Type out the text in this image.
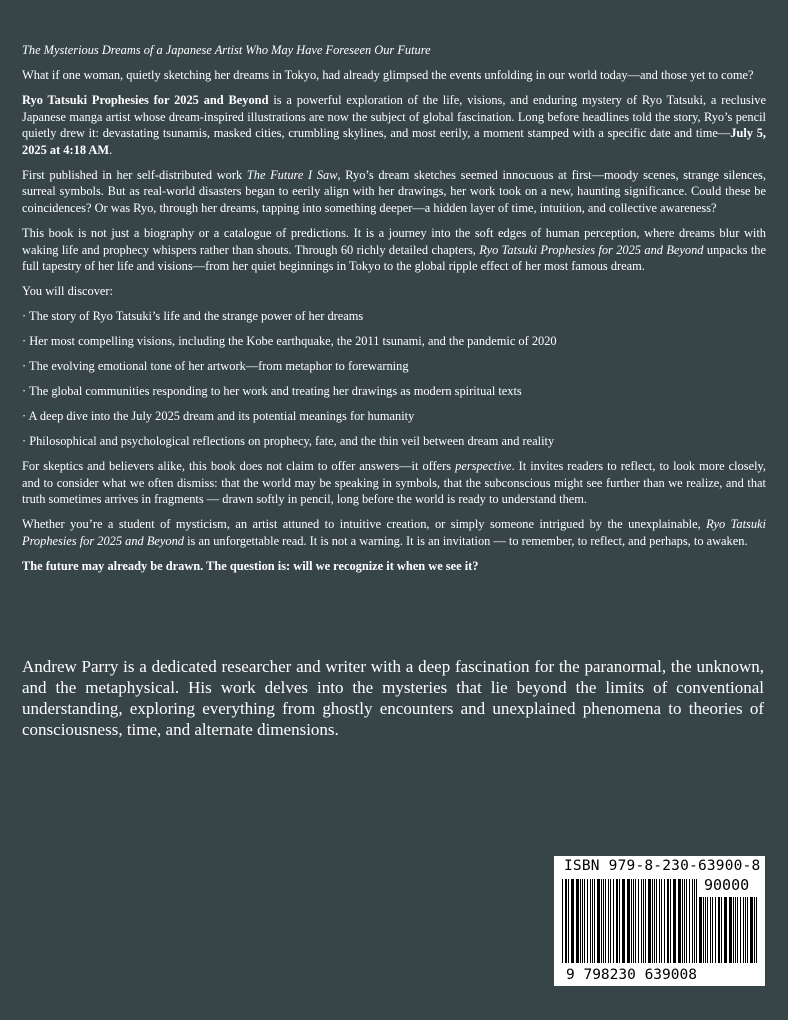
The Mysterious Dreams of a Japanese Artist Who May Have Foreseen Our Future

What if one woman, quietly sketching her dreams in Tokyo, had already glimpsed the events unfolding in our world today—and those yet to come?

Ryo Tatsuki Prophesies for 2025 and Beyond is a powerful exploration of the life, visions, and enduring mystery of Ryo Tatsuki, a reclusive Japanese manga artist whose dream-inspired illustrations are now the subject of global fascination. Long before headlines told the story, Ryo’s pencil quietly drew it: devastating tsunamis, masked cities, crumbling skylines, and most eerily, a moment stamped with a specific date and time—July 5, 2025 at 4:18 AM.

First published in her self-distributed work The Future I Saw, Ryo’s dream sketches seemed innocuous at first—moody scenes, strange silences, surreal symbols. But as real-world disasters began to eerily align with her drawings, her work took on a new, haunting significance. Could these be coincidences? Or was Ryo, through her dreams, tapping into something deeper—a hidden layer of time, intuition, and collective awareness?

This book is not just a biography or a catalogue of predictions. It is a journey into the soft edges of human perception, where dreams blur with waking life and prophecy whispers rather than shouts. Through 60 richly detailed chapters, Ryo Tatsuki Prophesies for 2025 and Beyond unpacks the full tapestry of her life and visions—from her quiet beginnings in Tokyo to the global ripple effect of her most famous dream.

You will discover:

· The story of Ryo Tatsuki’s life and the strange power of her dreams

· Her most compelling visions, including the Kobe earthquake, the 2011 tsunami, and the pandemic of 2020

· The evolving emotional tone of her artwork—from metaphor to forewarning

· The global communities responding to her work and treating her drawings as modern spiritual texts

· A deep dive into the July 2025 dream and its potential meanings for humanity

· Philosophical and psychological reflections on prophecy, fate, and the thin veil between dream and reality

For skeptics and believers alike, this book does not claim to offer answers—it offers perspective. It invites readers to reflect, to look more closely, and to consider what we often dismiss: that the world may be speaking in symbols, that the subconscious might see further than we realize, and that truth sometimes arrives in fragments — drawn softly in pencil, long before the world is ready to understand them.

Whether you’re a student of mysticism, an artist attuned to intuitive creation, or simply someone intrigued by the unexplainable, Ryo Tatsuki Prophesies for 2025 and Beyond is an unforgettable read. It is not a warning. It is an invitation — to remember, to reflect, and perhaps, to awaken.

The future may already be drawn. The question is: will we recognize it when we see it?

Andrew Parry is a dedicated researcher and writer with a deep fascination for the paranormal, the unknown, and the metaphysical. His work delves into the mysteries that lie beyond the limits of conventional understanding, exploring everything from ghostly encounters and unexplained phenomena to theories of consciousness, time, and alternate dimensions.
ISBN 979-8-230-63900-8
90000
9 798230 639008
